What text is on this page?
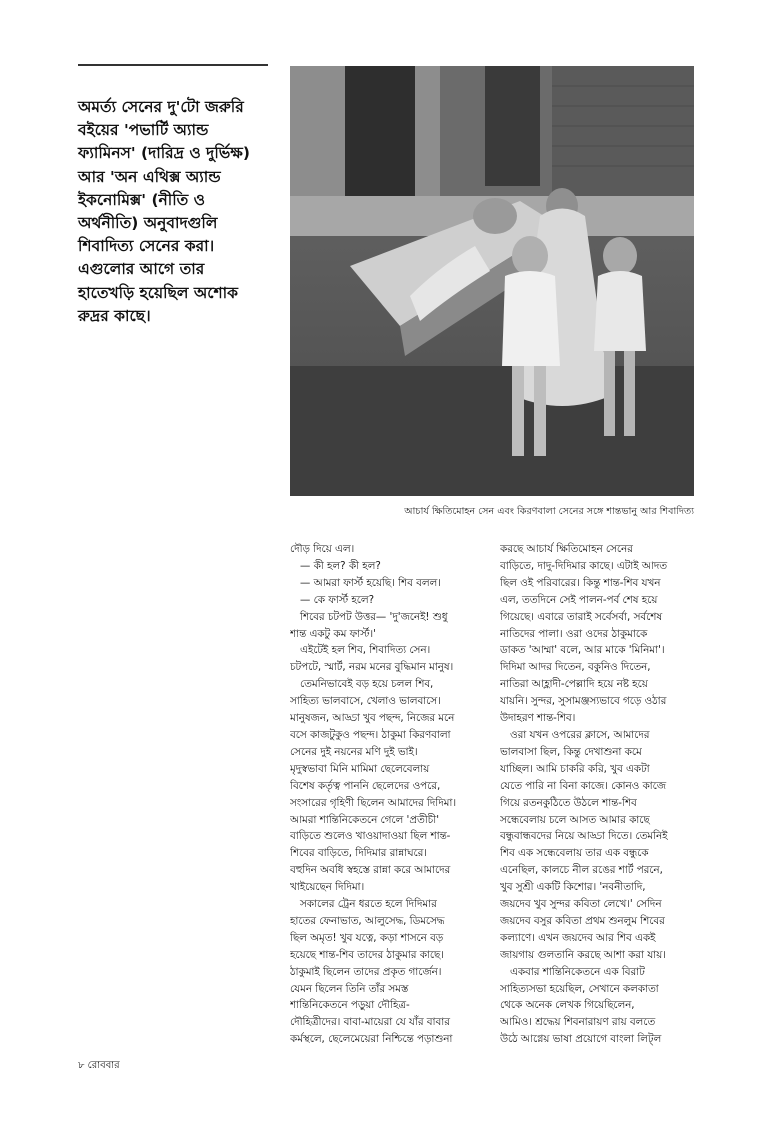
অমর্ত্য সেনের দু'টো জরুরি
বইয়ের 'পভার্টি অ্যান্ড
ফ্যামিনস' (দারিদ্র ও দুর্ভিক্ষ)
আর 'অন এথিক্স অ্যান্ড
ইকনোমিক্স' (নীতি ও
অর্থনীতি) অনুবাদগুলি
শিবাদিত্য সেনের করা।
এগুলোর আগে তার
হাতেখড়ি হয়েছিল অশোক
রুদ্রর কাছে।
আচার্য ক্ষিতিমোহন সেন এবং কিরণবালা সেনের সঙ্গে শান্তভানু আর শিবাদিত্য
দৌড় দিয়ে এল।
— কী হল? কী হল?
— আমরা ফার্স্ট হয়েছি। শিব বলল।
— কে ফার্স্ট হলে?
শিবের চটপট উত্তর— 'দু'জনেই! শুধু
শান্ত একটু কম ফার্স্ট।'
এইটেই হল শিব, শিবাদিত্য সেন।
চটপটে, স্মার্ট, নরম মনের বুদ্ধিমান মানুষ।
তেমনিভাবেই বড় হয়ে চলল শিব,
সাহিত্য ভালবাসে, খেলাও ভালবাসে।
মানুষজন, আড্ডা খুব পছন্দ, নিজের মনে
বসে কাজটুকুও পছন্দ। ঠাকুমা কিরণবালা
সেনের দুই নয়নের মণি দুই ভাই।
মৃদুস্বভাবা মিনি মামিমা ছেলেবেলায়
বিশেষ কর্তৃত্ব পাননি ছেলেদের ওপরে,
সংসারের গৃহিণী ছিলেন আমাদের দিদিমা।
আমরা শান্তিনিকেতনে গেলে 'প্রতীচী'
বাড়িতে শুলেও খাওয়াদাওয়া ছিল শান্ত-
শিবের বাড়িতে, দিদিমার রান্নাঘরে।
বহুদিন অবধি স্বহস্তে রান্না করে আমাদের
খাইয়েছেন দিদিমা।
সকালের ট্রেন ধরতে হলে দিদিমার
হাতের ফেনাভাত, আলুসেদ্ধ, ডিমসেদ্ধ
ছিল অমৃত! খুব যত্নে, কড়া শাসনে বড়
হয়েছে শান্ত-শিব তাদের ঠাকুমার কাছে।
ঠাকুমাই ছিলেন তাদের প্রকৃত গার্জেন।
যেমন ছিলেন তিনি তাঁর সমস্ত
শান্তিনিকেতনে পড়ুয়া দৌহিত্র-
দৌহিত্রীদের। বাবা-মায়েরা যে যাঁর বাবার
কর্মস্থলে, ছেলেমেয়েরা নিশ্চিন্তে পড়াশুনা
করছে আচার্য ক্ষিতিমোহন সেনের
বাড়িতে, দাদু-দিদিমার কাছে। এটাই আদত
ছিল ওই পরিবারের। কিন্তু শান্ত-শিব যখন
এল, ততদিনে সেই পালন-পর্ব শেষ হয়ে
গিয়েছে। এবারে তারাই সর্বেসর্বা, সর্বশেষ
নাতিদের পালা। ওরা ওদের ঠাকুমাকে
ডাকত 'আম্মা' বলে, আর মাকে 'মিনিমা'।
দিদিমা আদর দিতেন, বকুনিও দিতেন,
নাতিরা আহ্লাদী-পেল্লাদি হয়ে নষ্ট হয়ে
যায়নি। সুন্দর, সুসামঞ্জস্যভাবে গড়ে ওঠার
উদাহরণ শান্ত-শিব।
ওরা যখন ওপরের ক্লাসে, আমাদের
ভালবাসা ছিল, কিন্তু দেখাশুনা কমে
যাচ্ছিল। আমি চাকরি করি, খুব একটা
যেতে পারি না বিনা কাজে। কোনও কাজে
গিয়ে রতনকুঠিতে উঠলে শান্ত-শিব
সন্ধেবেলায় চলে আসত আমার কাছে
বন্ধুবান্ধবদের নিয়ে আড্ডা দিতে। তেমনিই
শিব এক সন্ধেবেলায় তার এক বন্ধুকে
এনেছিল, কালচে নীল রঙের শার্ট পরনে,
খুব সুশ্রী একটি কিশোর। 'নবনীতাদি,
জয়দেব খুব সুন্দর কবিতা লেখে।' সেদিন
জয়দেব বসুর কবিতা প্রথম শুনলুম শিবের
কল্যাণে। এখন জয়দেব আর শিব একই
জায়গায় গুলতানি করছে আশা করা যায়।
একবার শান্তিনিকেতনে এক বিরাট
সাহিত্যসভা হয়েছিল, সেখানে কলকাতা
থেকে অনেক লেখক গিয়েছিলেন,
আমিও। শ্রদ্ধেয় শিবনারায়ণ রায় বলতে
উঠে আগ্নেয় ভাষা প্রয়োগে বাংলা লিট্‌ল
৮ রোববার
